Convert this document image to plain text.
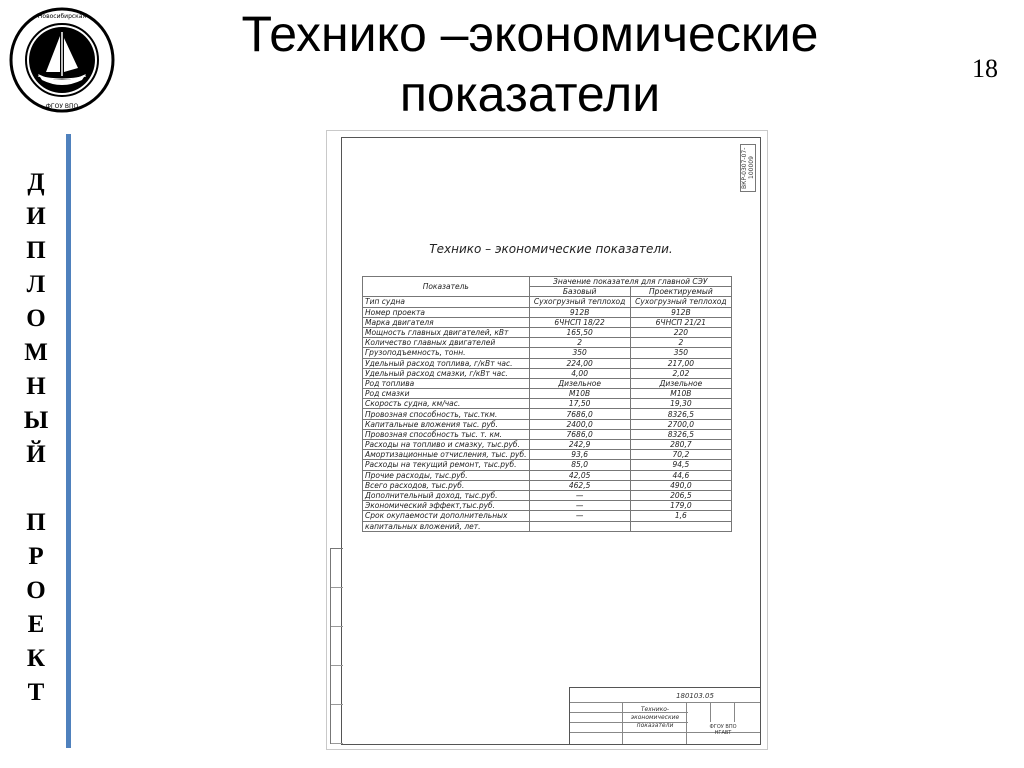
Новосибирская
ФГОУ ВПО
Технико –экономические
показатели	18
Д
И
П
Л
О
М
Н
Ы
Й
П
Р
О
Е
К
Т
ВКР-0307-07-100009
Технико – экономические показатели.
Показатель	Значение показателя для главной СЭУ	
	Базовый	Проектируемый
Тип судна	Сухогрузный теплоход	Сухогрузный теплоход
Номер проекта	912В	912В
Марка двигателя	6ЧНСП 18/22	6ЧНСП 21/21
Мощность главных двигателей, кВт	165,50	220
Количество главных двигателей	2	2
Грузоподъемность, тонн.	350	350
Удельный расход топлива, г/кВт час.	224,00	217,00
Удельный расход смазки, г/кВт час.	4,00	2,02
Род топлива	Дизельное	Дизельное
Род смазки	М10В	М10В
Скорость судна, км/час.	17,50	19,30
Провозная способность, тыс.ткм.	7686,0	8326,5
Капитальные вложения тыс. руб.	2400,0	2700,0
Провозная способность тыс. т. км.	7686,0	8326,5
Расходы на топливо и смазку, тыс.руб.	242,9	280,7
Амортизационные отчисления, тыс. руб.	93,6	70,2
Расходы на текущий ремонт, тыс.руб.	85,0	94,5
Прочие расходы, тыс.руб.	42,05	44,6
Всего расходов, тыс.руб.	462,5	490,0
Дополнительный доход, тыс.руб.	—	206,5
Экономический эффект,тыс.руб.	—	179,0
Срок окупаемости дополнительных	—	1,6
капитальных вложений, лет.		
180103.05
Технико- экономические
показатели	ФГОУ ВПО
НГАВТ
